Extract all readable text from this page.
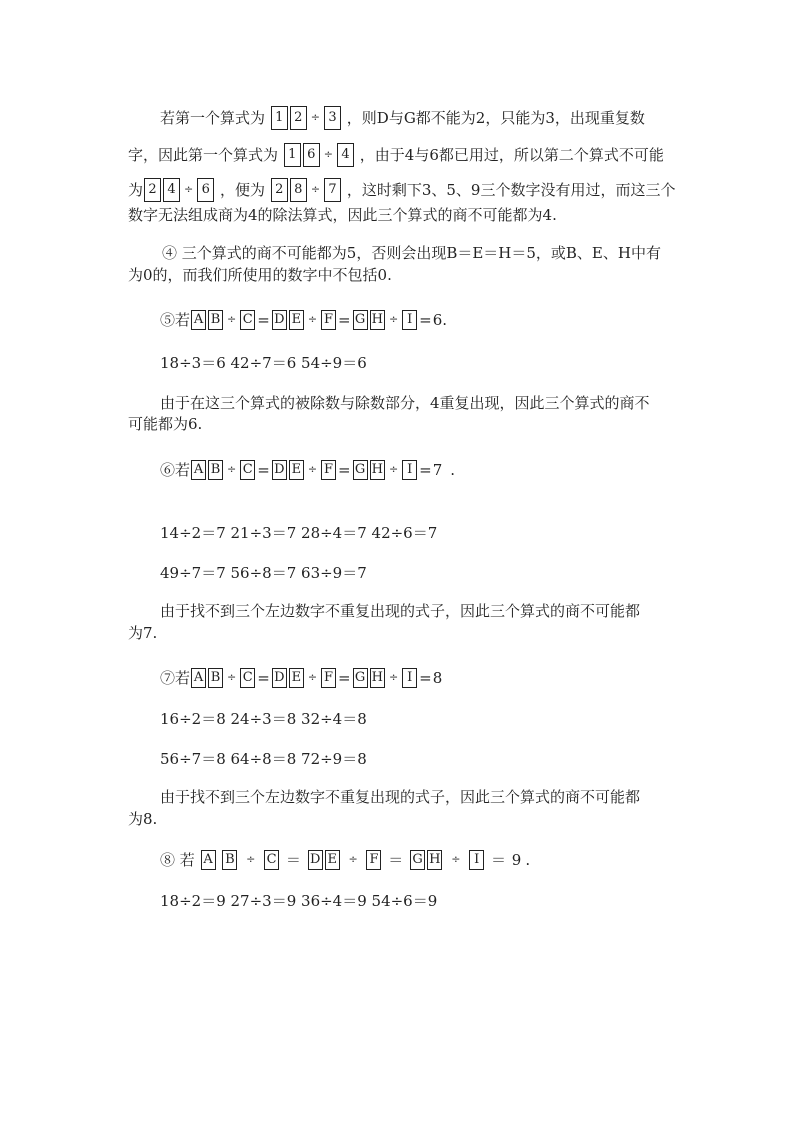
若第一个算式为 1 2 ÷ 3 ，则D与G都不能为2，只能为3，出现重复数
字，因此第一个算式为 1 6 ÷ 4 ，由于4与6都已用过，所以第二个算式不可能
为 2 4 ÷ 6 ，便为 2 8 ÷ 7 ，这时剩下3、5、9三个数字没有用过，而这三个
数字无法组成商为4的除法算式，因此三个算式的商不可能都为4.
④ 三个算式的商不可能都为5，否则会出现B＝E＝H＝5，或B、E、H中有
为0的，而我们所使用的数字中不包括0.
⑤若 A B ÷ C = D E ÷ F = G H ÷ I =6.
18÷3＝6 42÷7＝6 54÷9＝6
由于在这三个算式的被除数与除数部分，4重复出现，因此三个算式的商不
可能都为6.
⑥若 A B ÷ C = D E ÷ F = G H ÷ I =7 .
14÷2＝7 21÷3＝7 28÷4＝7 42÷6＝7
49÷7＝7 56÷8＝7 63÷9＝7
由于找不到三个左边数字不重复出现的式子，因此三个算式的商不可能都
为7.
⑦若 A B ÷ C = D E ÷ F = G H ÷ I =8
16÷2＝8 24÷3＝8 32÷4＝8
56÷7＝8 64÷8＝8 72÷9＝8
由于找不到三个左边数字不重复出现的式子，因此三个算式的商不可能都
为8.
⑧ 若 A B ÷ C ＝ D E ÷ F ＝ G H ÷ I ＝ 9 .
18÷2＝9 27÷3＝9 36÷4＝9 54÷6＝9
